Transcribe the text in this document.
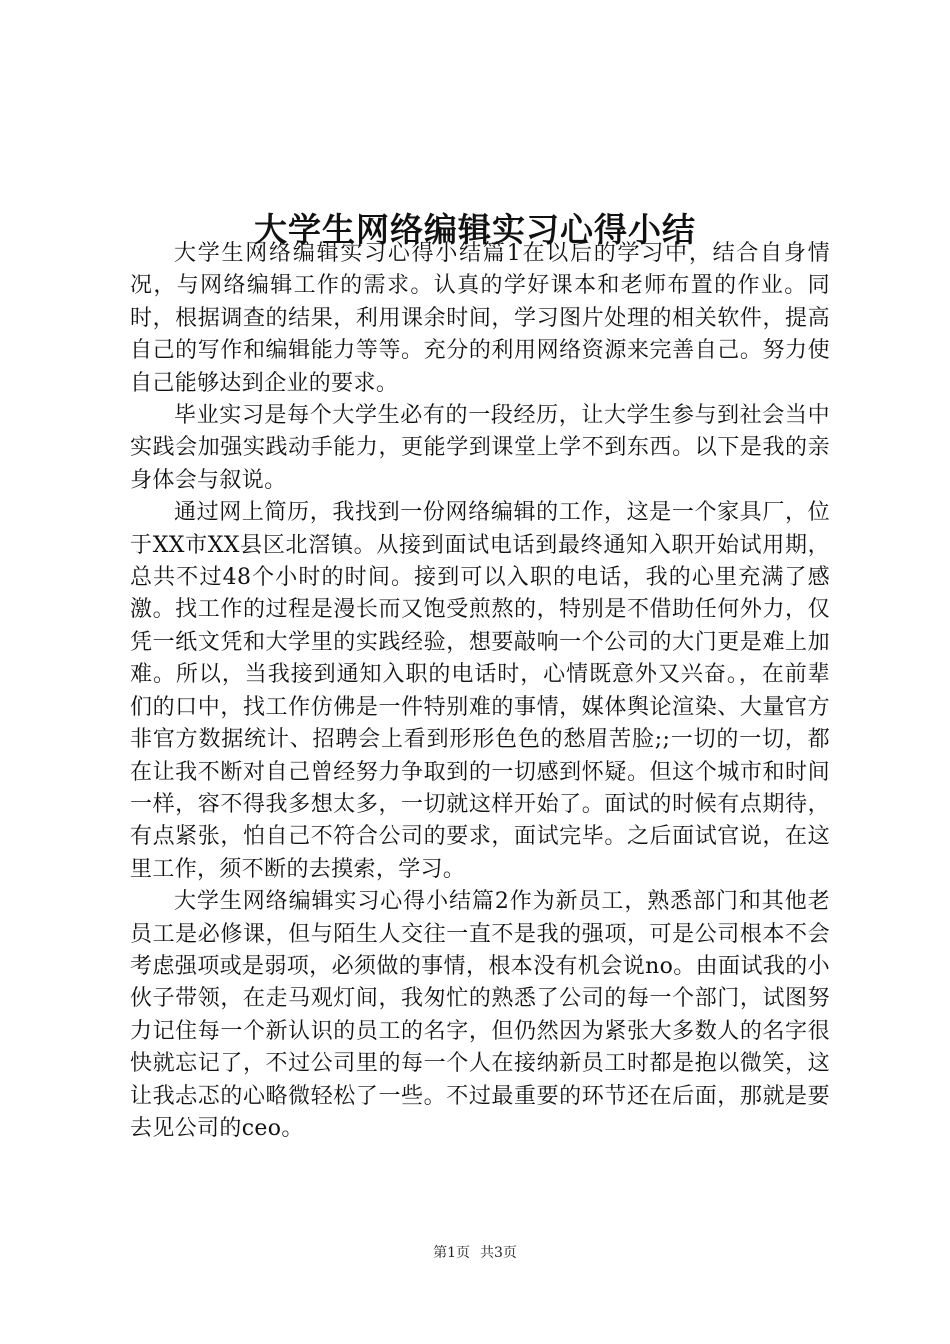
大学生网络编辑实习心得小结

大学生网络编辑实习心得小结篇1在以后的学习中，结合自身情况，与网络编辑工作的需求。认真的学好课本和老师布置的作业。同时，根据调查的结果，利用课余时间，学习图片处理的相关软件，提高自己的写作和编辑能力等等。充分的利用网络资源来完善自己。努力使自己能够达到企业的要求。

毕业实习是每个大学生必有的一段经历，让大学生参与到社会当中实践会加强实践动手能力，更能学到课堂上学不到东西。以下是我的亲身体会与叙说。

通过网上简历，我找到一份网络编辑的工作，这是一个家具厂，位于XX市XX县区北滘镇。从接到面试电话到最终通知入职开始试用期，总共不过48个小时的时间。接到可以入职的电话，我的心里充满了感激。找工作的过程是漫长而又饱受煎熬的，特别是不借助任何外力，仅凭一纸文凭和大学里的实践经验，想要敲响一个公司的大门更是难上加难。所以，当我接到通知入职的电话时，心情既意外又兴奋。，在前辈们的口中，找工作仿佛是一件特别难的事情，媒体舆论渲染、大量官方非官方数据统计、招聘会上看到形形色色的愁眉苦脸;;一切的一切，都在让我不断对自己曾经努力争取到的一切感到怀疑。但这个城市和时间一样，容不得我多想太多，一切就这样开始了。面试的时候有点期待，有点紧张，怕自己不符合公司的要求，面试完毕。之后面试官说，在这里工作，须不断的去摸索，学习。

大学生网络编辑实习心得小结篇2作为新员工，熟悉部门和其他老员工是必修课，但与陌生人交往一直不是我的强项，可是公司根本不会考虑强项或是弱项，必须做的事情，根本没有机会说no。由面试我的小伙子带领，在走马观灯间，我匆忙的熟悉了公司的每一个部门，试图努力记住每一个新认识的员工的名字，但仍然因为紧张大多数人的名字很快就忘记了，不过公司里的每一个人在接纳新员工时都是抱以微笑，这让我忐忑的心略微轻松了一些。不过最重要的环节还在后面，那就是要去见公司的ceo。

第1页 共3页
